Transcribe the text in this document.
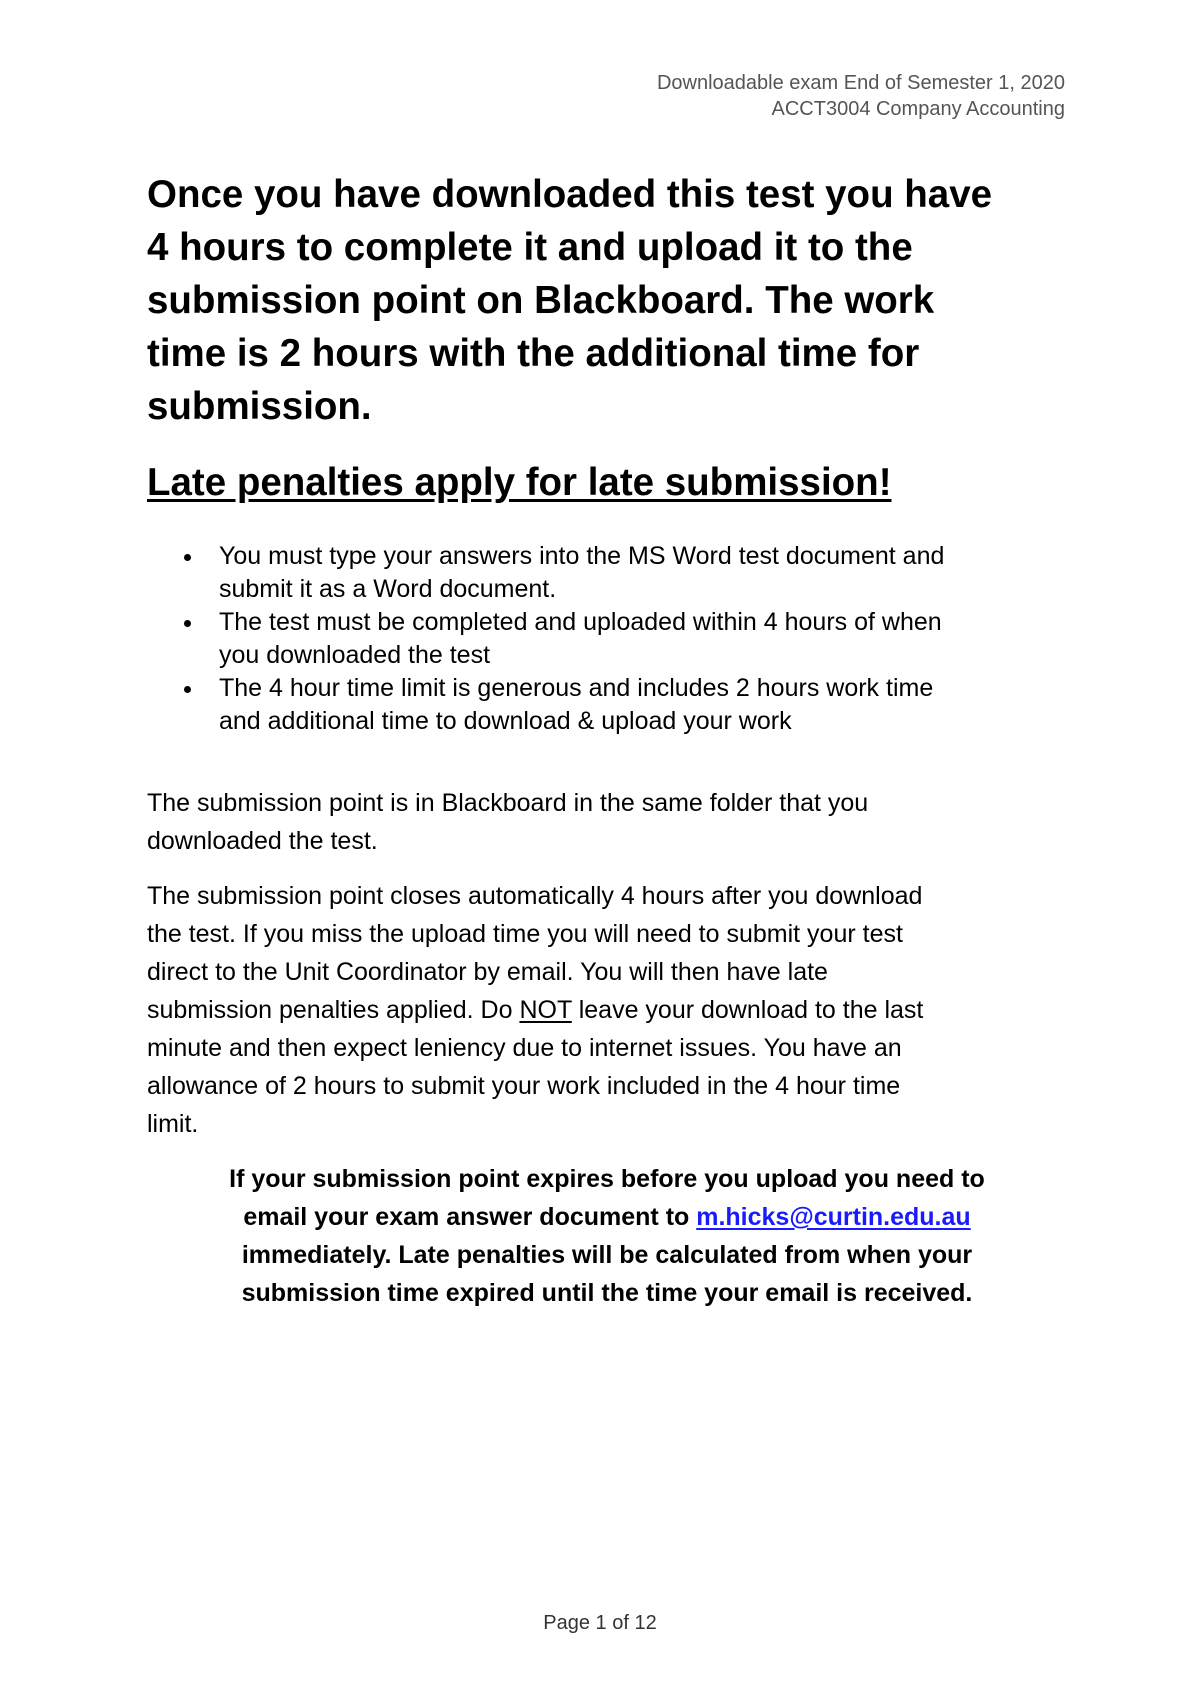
Downloadable exam End of Semester 1, 2020
ACCT3004 Company Accounting
Once you have downloaded this test you have
4 hours to complete it and upload it to the
submission point on Blackboard. The work
time is 2 hours with the additional time for
submission.
Late penalties apply for late submission!
You must type your answers into the MS Word test document and
submit it as a Word document.
The test must be completed and uploaded within 4 hours of when
you downloaded the test
The 4 hour time limit is generous and includes 2 hours work time
and additional time to download & upload your work

The submission point is in Blackboard in the same folder that you
downloaded the test.

The submission point closes automatically 4 hours after you download
the test. If you miss the upload time you will need to submit your test
direct to the Unit Coordinator by email. You will then have late
submission penalties applied. Do NOT leave your download to the last
minute and then expect leniency due to internet issues. You have an
allowance of 2 hours to submit your work included in the 4 hour time
limit.

If your submission point expires before you upload you need to
email your exam answer document to m.hicks@curtin.edu.au
immediately. Late penalties will be calculated from when your
submission time expired until the time your email is received.

Page 1 of 12
